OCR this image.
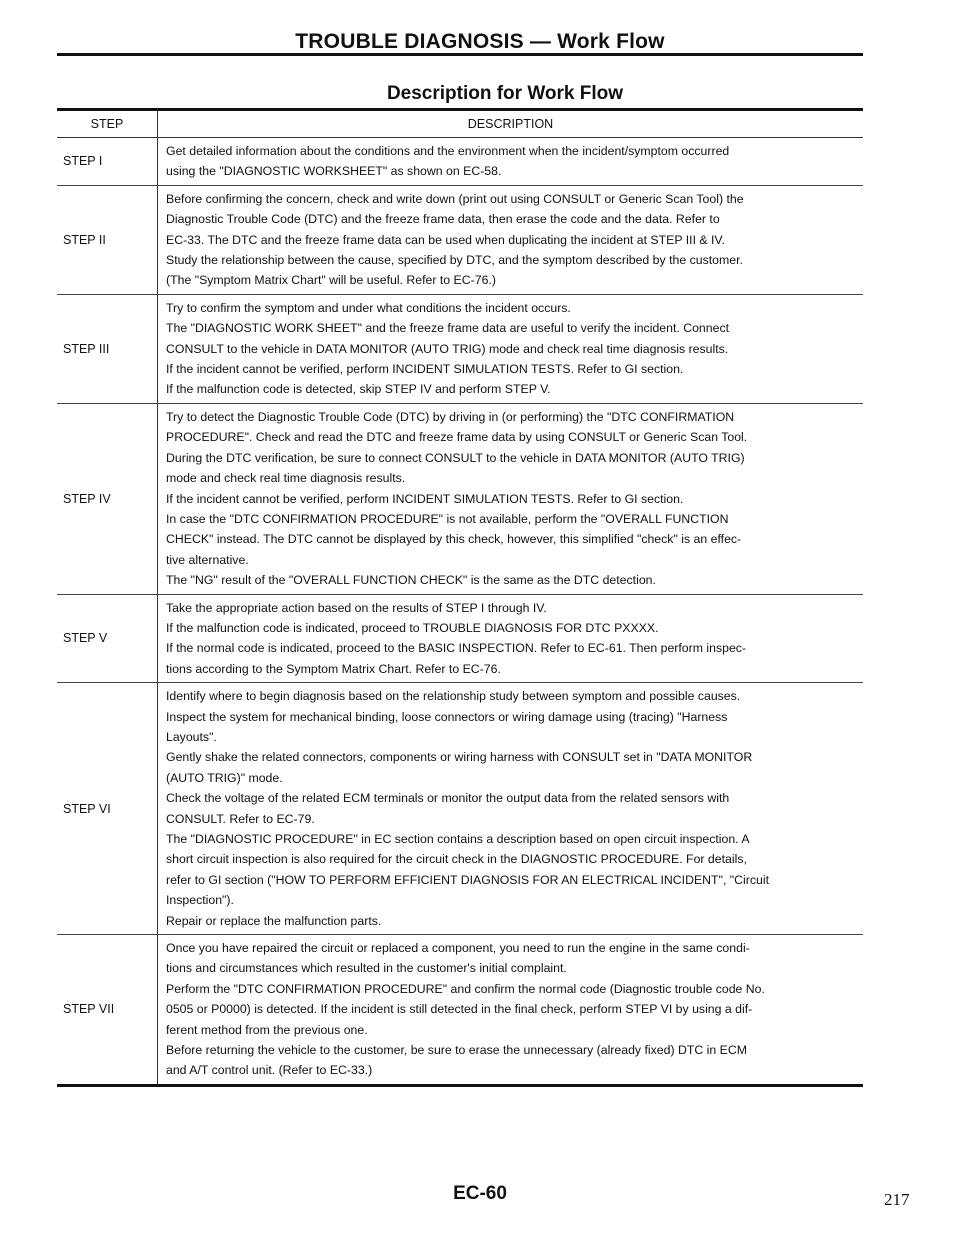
TROUBLE DIAGNOSIS — Work Flow
Description for Work Flow
STEP	DESCRIPTION
STEP I
Get detailed information about the conditions and the environment when the incident/symptom occurred
using the "DIAGNOSTIC WORKSHEET" as shown on EC-58.
STEP II
Before confirming the concern, check and write down (print out using CONSULT or Generic Scan Tool) the
Diagnostic Trouble Code (DTC) and the freeze frame data, then erase the code and the data. Refer to
EC-33. The DTC and the freeze frame data can be used when duplicating the incident at STEP III & IV.
Study the relationship between the cause, specified by DTC, and the symptom described by the customer.
(The "Symptom Matrix Chart" will be useful. Refer to EC-76.)
STEP III
Try to confirm the symptom and under what conditions the incident occurs.
The "DIAGNOSTIC WORK SHEET" and the freeze frame data are useful to verify the incident. Connect
CONSULT to the vehicle in DATA MONITOR (AUTO TRIG) mode and check real time diagnosis results.
If the incident cannot be verified, perform INCIDENT SIMULATION TESTS. Refer to GI section.
If the malfunction code is detected, skip STEP IV and perform STEP V.
STEP IV
Try to detect the Diagnostic Trouble Code (DTC) by driving in (or performing) the "DTC CONFIRMATION
PROCEDURE". Check and read the DTC and freeze frame data by using CONSULT or Generic Scan Tool.
During the DTC verification, be sure to connect CONSULT to the vehicle in DATA MONITOR (AUTO TRIG)
mode and check real time diagnosis results.
If the incident cannot be verified, perform INCIDENT SIMULATION TESTS. Refer to GI section.
In case the "DTC CONFIRMATION PROCEDURE" is not available, perform the "OVERALL FUNCTION
CHECK" instead. The DTC cannot be displayed by this check, however, this simplified "check" is an effec-
tive alternative.
The "NG" result of the "OVERALL FUNCTION CHECK" is the same as the DTC detection.
STEP V
Take the appropriate action based on the results of STEP I through IV.
If the malfunction code is indicated, proceed to TROUBLE DIAGNOSIS FOR DTC PXXXX.
If the normal code is indicated, proceed to the BASIC INSPECTION. Refer to EC-61. Then perform inspec-
tions according to the Symptom Matrix Chart. Refer to EC-76.
STEP VI
Identify where to begin diagnosis based on the relationship study between symptom and possible causes.
Inspect the system for mechanical binding, loose connectors or wiring damage using (tracing) "Harness
Layouts".
Gently shake the related connectors, components or wiring harness with CONSULT set in "DATA MONITOR
(AUTO TRIG)" mode.
Check the voltage of the related ECM terminals or monitor the output data from the related sensors with
CONSULT. Refer to EC-79.
The "DIAGNOSTIC PROCEDURE" in EC section contains a description based on open circuit inspection. A
short circuit inspection is also required for the circuit check in the DIAGNOSTIC PROCEDURE. For details,
refer to GI section ("HOW TO PERFORM EFFICIENT DIAGNOSIS FOR AN ELECTRICAL INCIDENT", "Circuit
Inspection").
Repair or replace the malfunction parts.
STEP VII
Once you have repaired the circuit or replaced a component, you need to run the engine in the same condi-
tions and circumstances which resulted in the customer's initial complaint.
Perform the "DTC CONFIRMATION PROCEDURE" and confirm the normal code (Diagnostic trouble code No.
0505 or P0000) is detected. If the incident is still detected in the final check, perform STEP VI by using a dif-
ferent method from the previous one.
Before returning the vehicle to the customer, be sure to erase the unnecessary (already fixed) DTC in ECM
and A/T control unit. (Refer to EC-33.)
EC-60	217
